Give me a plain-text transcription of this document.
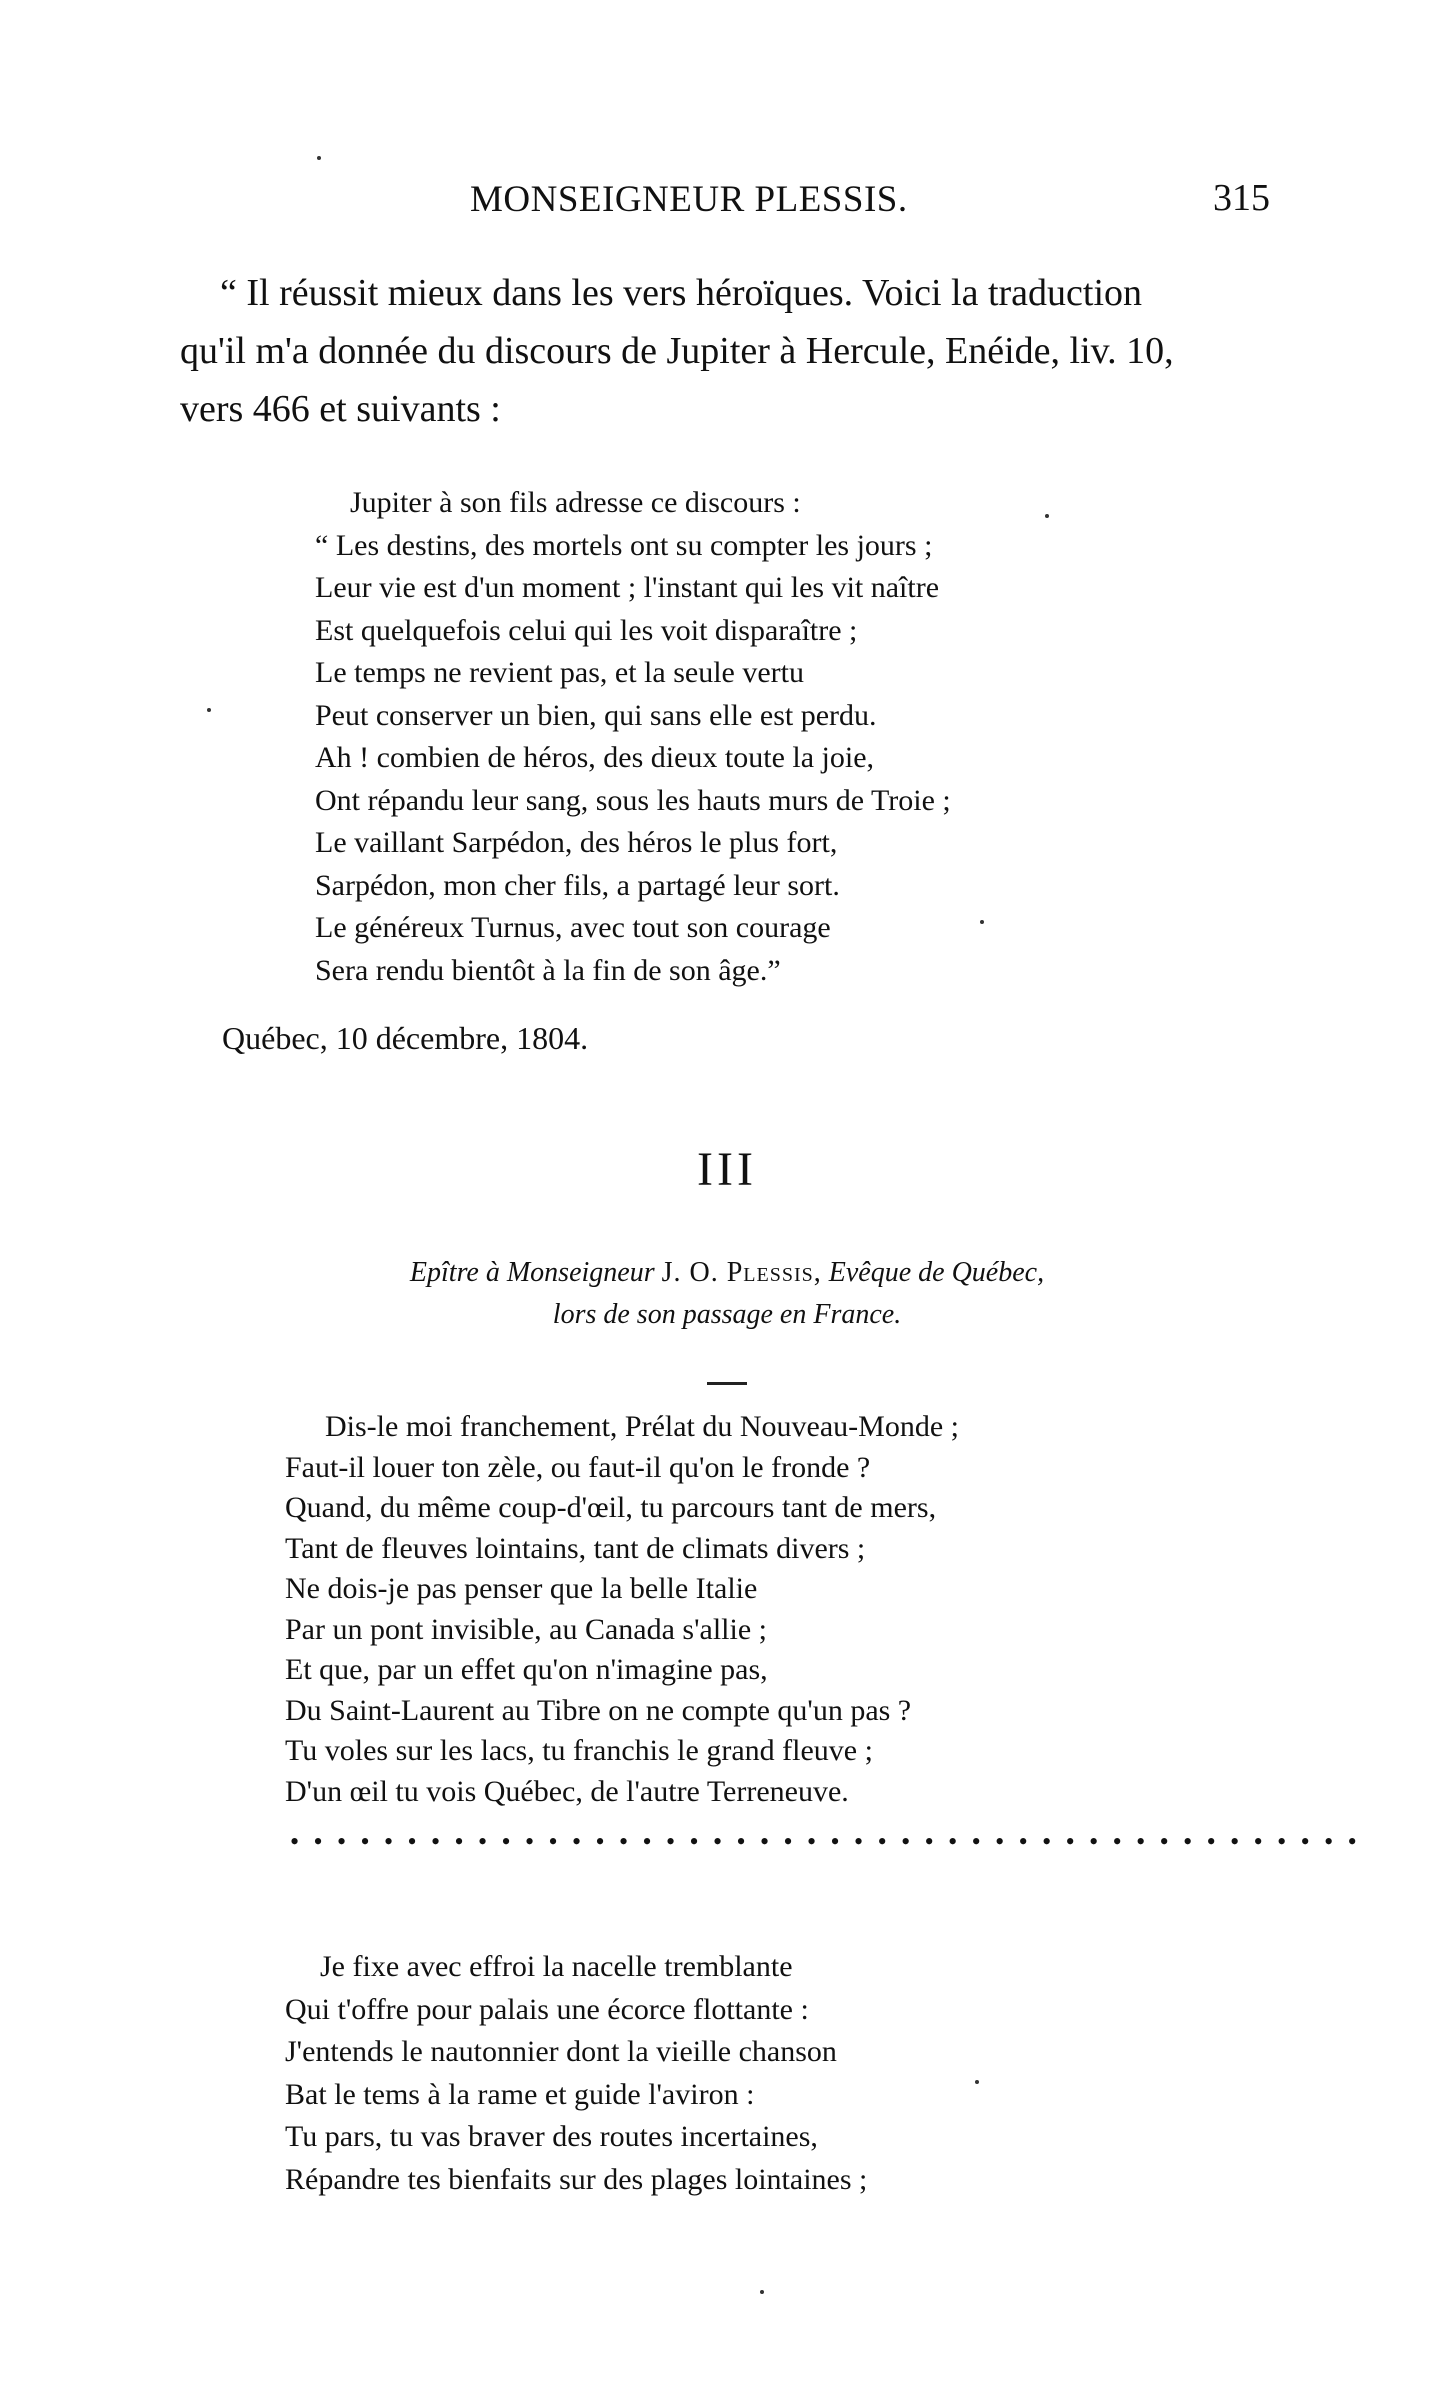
MONSEIGNEUR PLESSIS.	315
“ Il réussit mieux dans les vers héroïques. Voici la traduction
qu'il m'a donnée du discours de Jupiter à Hercule, Enéide, liv. 10,
vers 466 et suivants :
Jupiter à son fils adresse ce discours :
“ Les destins, des mortels ont su compter les jours ;
Leur vie est d'un moment ; l'instant qui les vit naître
Est quelquefois celui qui les voit disparaître ;
Le temps ne revient pas, et la seule vertu
Peut conserver un bien, qui sans elle est perdu.
Ah ! combien de héros, des dieux toute la joie,
Ont répandu leur sang, sous les hauts murs de Troie ;
Le vaillant Sarpédon, des héros le plus fort,
Sarpédon, mon cher fils, a partagé leur sort.
Le généreux Turnus, avec tout son courage
Sera rendu bientôt à la fin de son âge.”
Québec, 10 décembre, 1804.
III
Epître à Monseigneur J. O. Plessis, Evêque de Québec,
lors de son passage en France.
Dis-le moi franchement, Prélat du Nouveau-Monde ;
Faut-il louer ton zèle, ou faut-il qu'on le fronde ?
Quand, du même coup-d'œil, tu parcours tant de mers,
Tant de fleuves lointains, tant de climats divers ;
Ne dois-je pas penser que la belle Italie
Par un pont invisible, au Canada s'allie ;
Et que, par un effet qu'on n'imagine pas,
Du Saint-Laurent au Tibre on ne compte qu'un pas ?
Tu voles sur les lacs, tu franchis le grand fleuve ;
D'un œil tu vois Québec, de l'autre Terreneuve.
••••••••••••••••••••••••••••••••••••••••••••••
Je fixe avec effroi la nacelle tremblante
Qui t'offre pour palais une écorce flottante :
J'entends le nautonnier dont la vieille chanson
Bat le tems à la rame et guide l'aviron :
Tu pars, tu vas braver des routes incertaines,
Répandre tes bienfaits sur des plages lointaines ;
